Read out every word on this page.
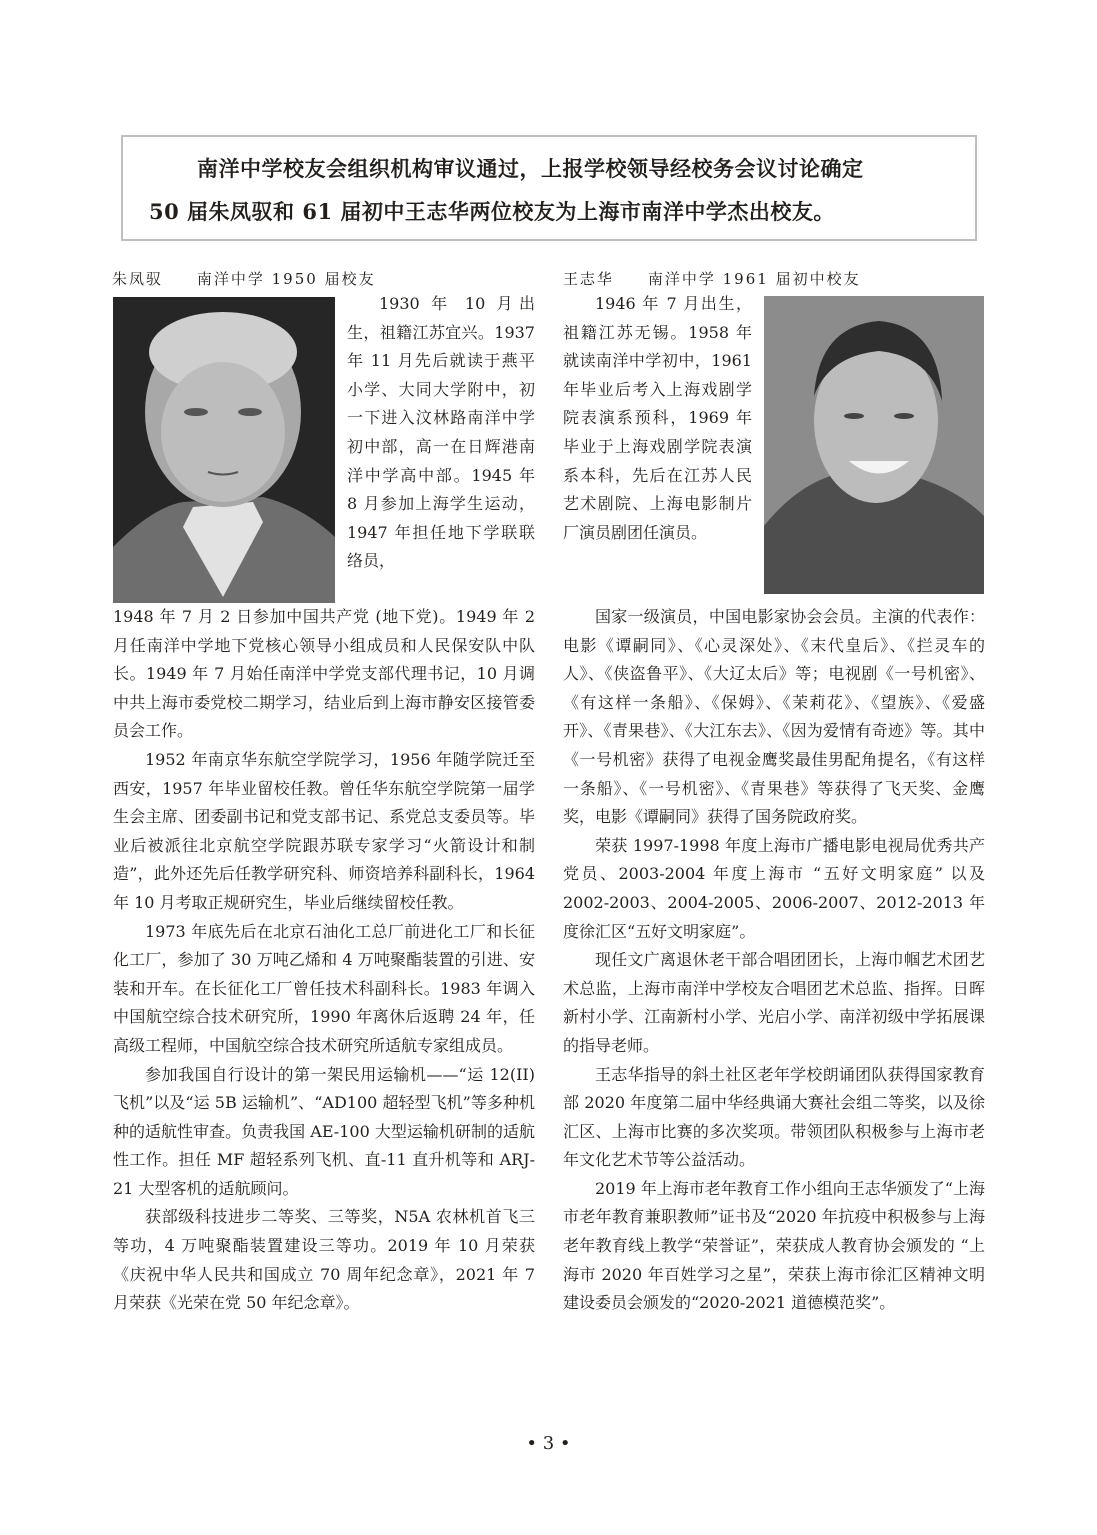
南洋中学校友会组织机构审议通过，上报学校领导经校务会议讨论确定

50 届朱凤驭和 61 届初中王志华两位校友为上海市南洋中学杰出校友。

朱凤驭 南洋中学 1950 届校友

1930 年 10 月出生，祖籍江苏宜兴。1937 年 11 月先后就读于燕平小学、大同大学附中，初一下进入汶林路南洋中学初中部，高一在日辉港南洋中学高中部。1945 年 8 月参加上海学生运动，1947 年担任地下学联联络员，

1948 年 7 月 2 日参加中国共产党 (地下党)。1949 年 2 月任南洋中学地下党核心领导小组成员和人民保安队中队长。1949 年 7 月始任南洋中学党支部代理书记，10 月调中共上海市委党校二期学习，结业后到上海市静安区接管委员会工作。

1952 年南京华东航空学院学习，1956 年随学院迁至西安，1957 年毕业留校任教。曾任华东航空学院第一届学生会主席、团委副书记和党支部书记、系党总支委员等。毕业后被派往北京航空学院跟苏联专家学习“火箭设计和制造”，此外还先后任教学研究科、师资培养科副科长，1964 年 10 月考取正规研究生，毕业后继续留校任教。

1973 年底先后在北京石油化工总厂前进化工厂和长征化工厂，参加了 30 万吨乙烯和 4 万吨聚酯装置的引进、安装和开车。在长征化工厂曾任技术科副科长。1983 年调入中国航空综合技术研究所，1990 年离休后返聘 24 年，任高级工程师，中国航空综合技术研究所适航专家组成员。

参加我国自行设计的第一架民用运输机——“运 12(II)飞机”以及“运 5B 运输机”、“AD100 超轻型飞机”等多种机种的适航性审查。负责我国 AE-100 大型运输机研制的适航性工作。担任 MF 超轻系列飞机、直-11 直升机等和 ARJ-21 大型客机的适航顾问。

获部级科技进步二等奖、三等奖，N5A 农林机首飞三等功，4 万吨聚酯装置建设三等功。2019 年 10 月荣获《庆祝中华人民共和国成立 70 周年纪念章》，2021 年 7 月荣获《光荣在党 50 年纪念章》。

王志华 南洋中学 1961 届初中校友

1946 年 7 月出生，祖籍江苏无锡。1958 年就读南洋中学初中，1961 年毕业后考入上海戏剧学院表演系预科，1969 年毕业于上海戏剧学院表演系本科，先后在江苏人民艺术剧院、上海电影制片厂演员剧团任演员。

国家一级演员，中国电影家协会会员。主演的代表作：电影《谭嗣同》、《心灵深处》、《末代皇后》、《拦灵车的人》、《侠盗鲁平》、《大辽太后》等；电视剧《一号机密》、《有这样一条船》、《保姆》、《茉莉花》、《望族》、《爱盛开》、《青果巷》、《大江东去》、《因为爱情有奇迹》等。其中《一号机密》获得了电视金鹰奖最佳男配角提名，《有这样一条船》、《一号机密》、《青果巷》等获得了飞天奖、金鹰奖，电影《谭嗣同》获得了国务院政府奖。

荣获 1997-1998 年度上海市广播电影电视局优秀共产党员、2003-2004 年度上海市 “五好文明家庭” 以及 2002-2003、2004-2005、2006-2007、2012-2013 年度徐汇区“五好文明家庭”。

现任文广离退休老干部合唱团团长，上海巾帼艺术团艺术总监，上海市南洋中学校友合唱团艺术总监、指挥。日晖新村小学、江南新村小学、光启小学、南洋初级中学拓展课的指导老师。

王志华指导的斜土社区老年学校朗诵团队获得国家教育部 2020 年度第二届中华经典诵大赛社会组二等奖，以及徐汇区、上海市比赛的多次奖项。带领团队积极参与上海市老年文化艺术节等公益活动。

2019 年上海市老年教育工作小组向王志华颁发了“上海市老年教育兼职教师”证书及“2020 年抗疫中积极参与上海老年教育线上教学“荣誉证”，荣获成人教育协会颁发的 “上海市 2020 年百姓学习之星”，荣获上海市徐汇区精神文明建设委员会颁发的“2020-2021 道德模范奖”。

• 3 •
